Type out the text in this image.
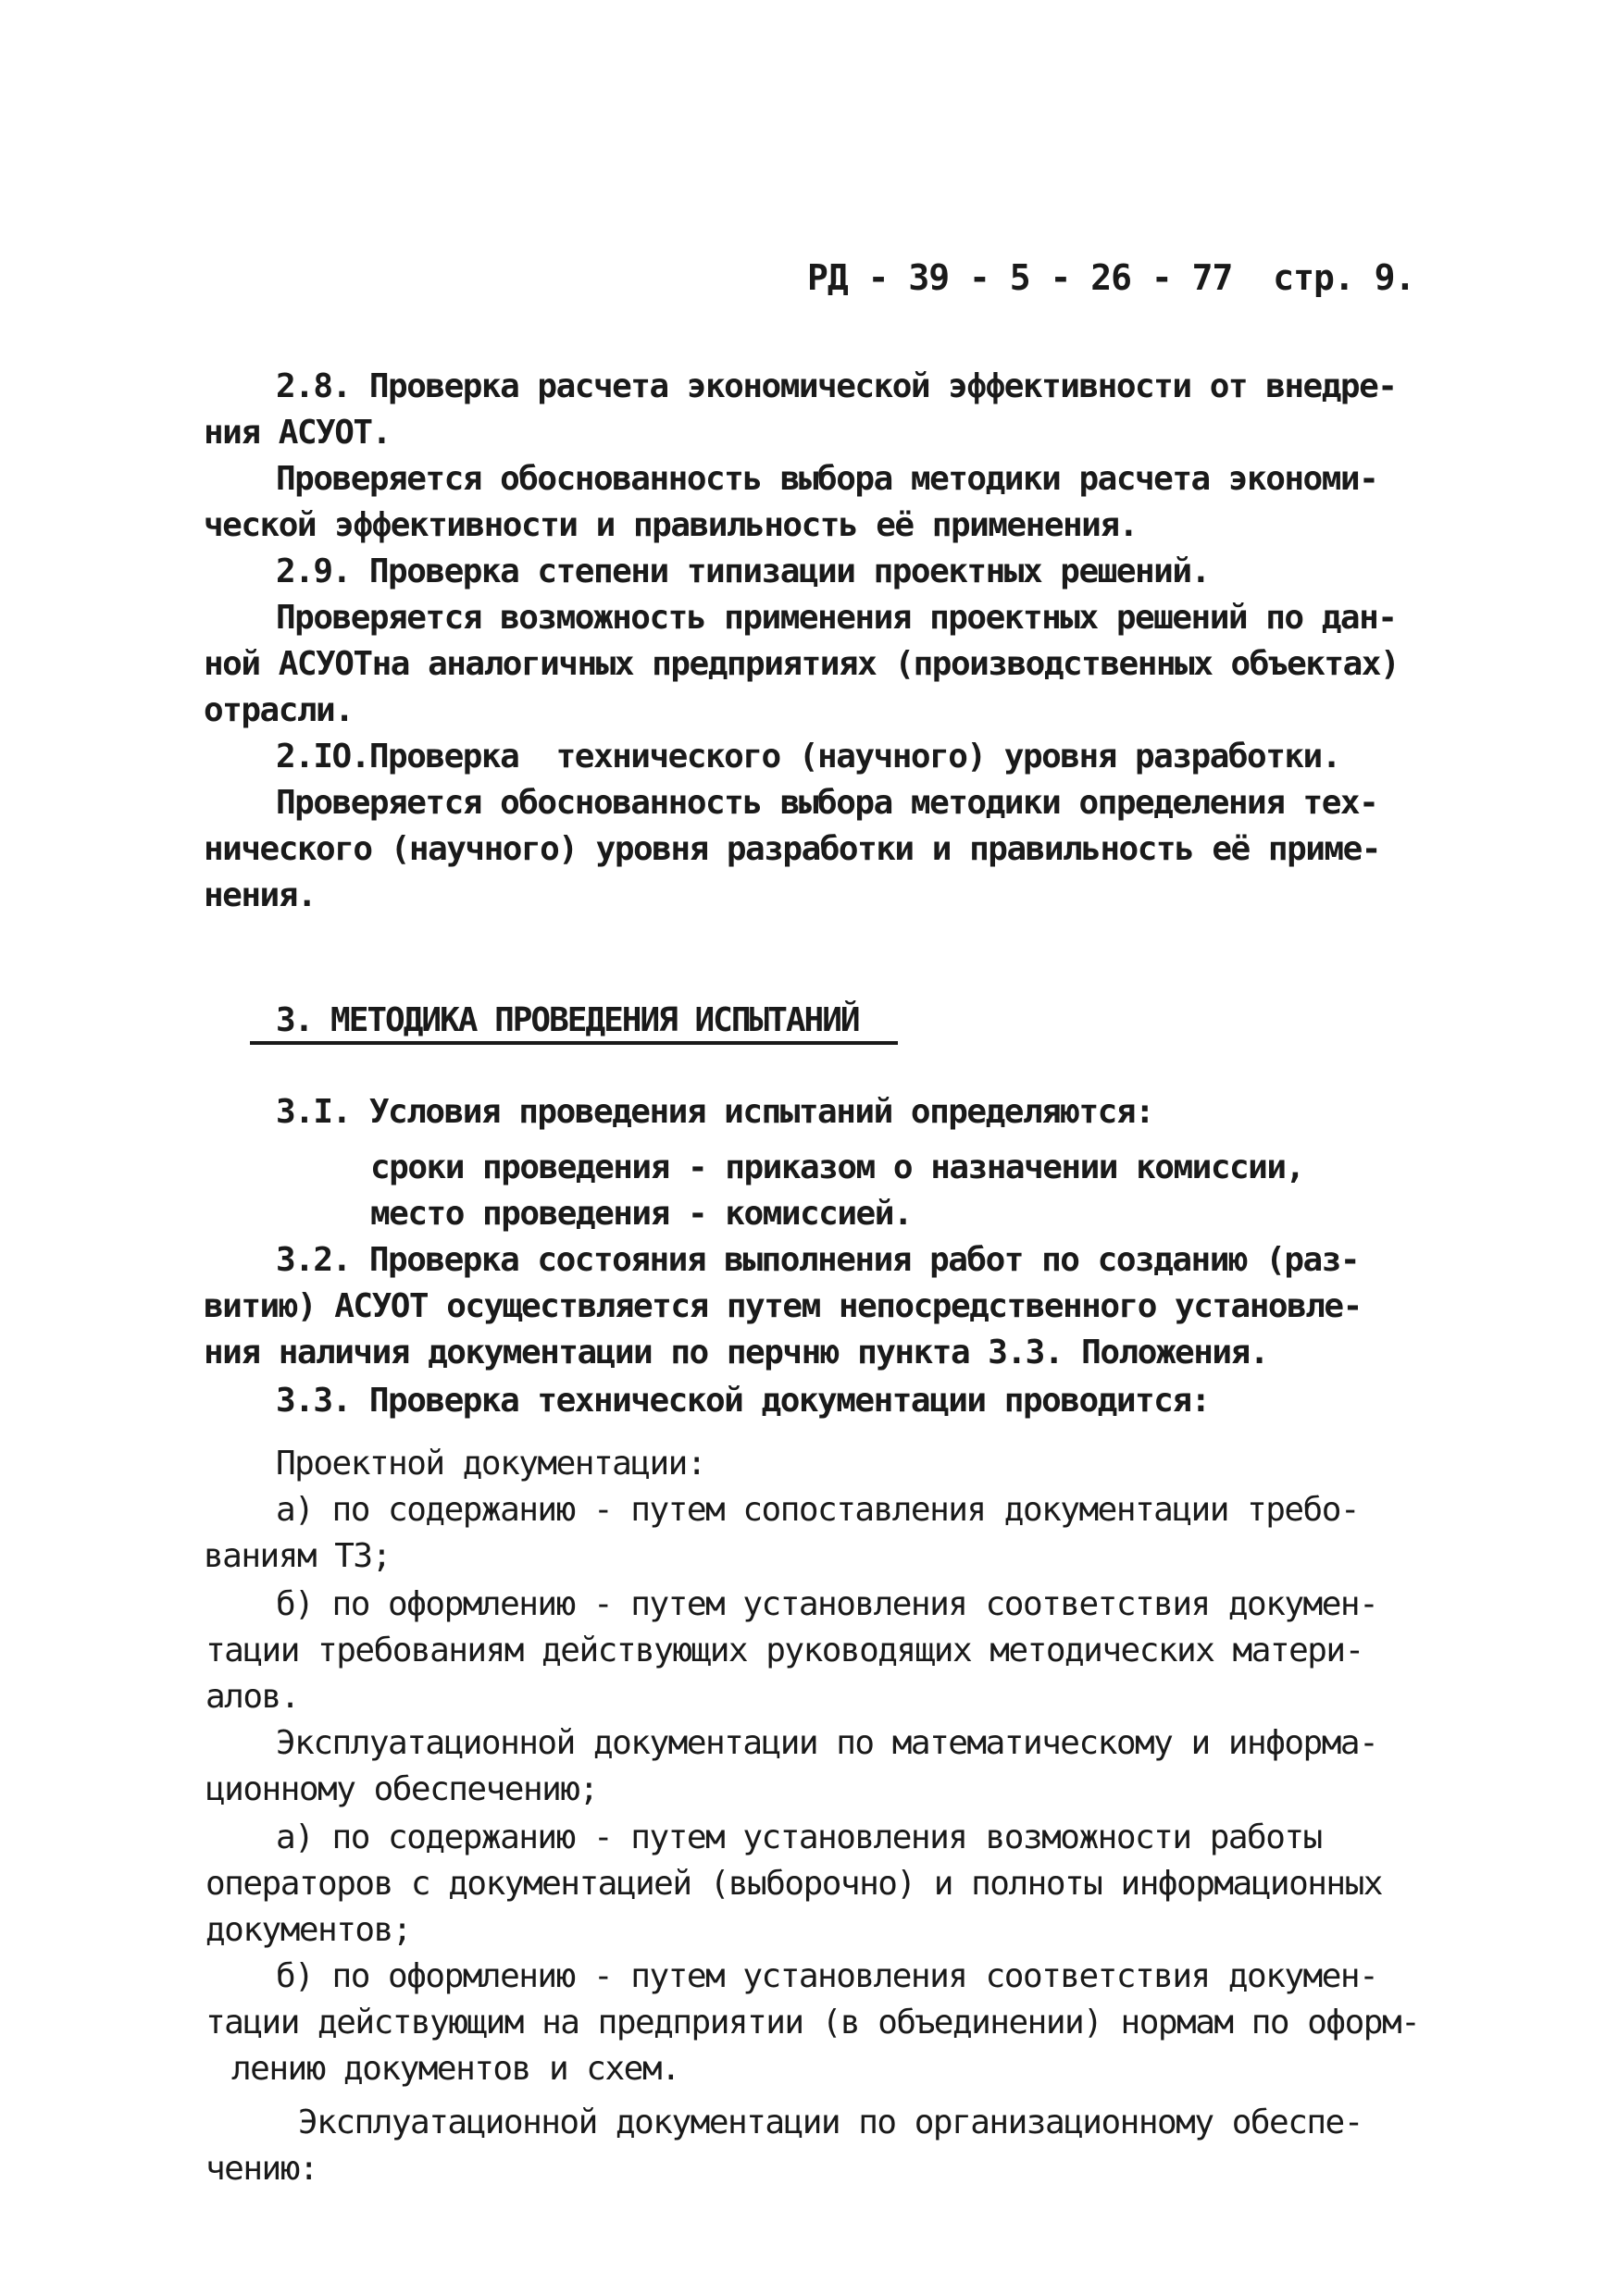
РД - 39 - 5 - 26 - 77  стр. 9.
2.8. Проверка расчета экономической эффективности от внедре-
ния АСУОТ.
Проверяется обоснованность выбора методики расчета экономи-
ческой эффективности и правильность её применения.
2.9. Проверка степени типизации проектных решений.
Проверяется возможность применения проектных решений по дан-
ной АСУОТна аналогичных предприятиях (производственных объектах)
отрасли.
2.IО.Проверка  технического (научного) уровня разработки.
Проверяется обоснованность выбора методики определения тех-
нического (научного) уровня разработки и правильность её приме-
нения.
3. МЕТОДИКА ПРОВЕДЕНИЯ ИСПЫТАНИЙ
3.I. Условия проведения испытаний определяются:
сроки проведения - приказом о назначении комиссии,
место проведения - комиссией.
3.2. Проверка состояния выполнения работ по созданию (раз-
витию) АСУОТ осуществляется путем непосредственного установле-
ния наличия документации по перчню пункта 3.3. Положения.
3.3. Проверка технической документации проводится:
Проектной документации:
а) по содержанию - путем сопоставления документации требо-
ваниям ТЗ;
б) по оформлению - путем установления соответствия докумен-
тации требованиям действующих руководящих методических матери-
алов.
Эксплуатационной документации по математическому и информа-
ционному обеспечению;
а) по содержанию - путем установления возможности работы
операторов с документацией (выборочно) и полноты информационных
документов;
б) по оформлению - путем установления соответствия докумен-
тации действующим на предприятии (в объединении) нормам по оформ-
лению документов и схем.
Эксплуатационной документации по организационному обеспе-
чению:
